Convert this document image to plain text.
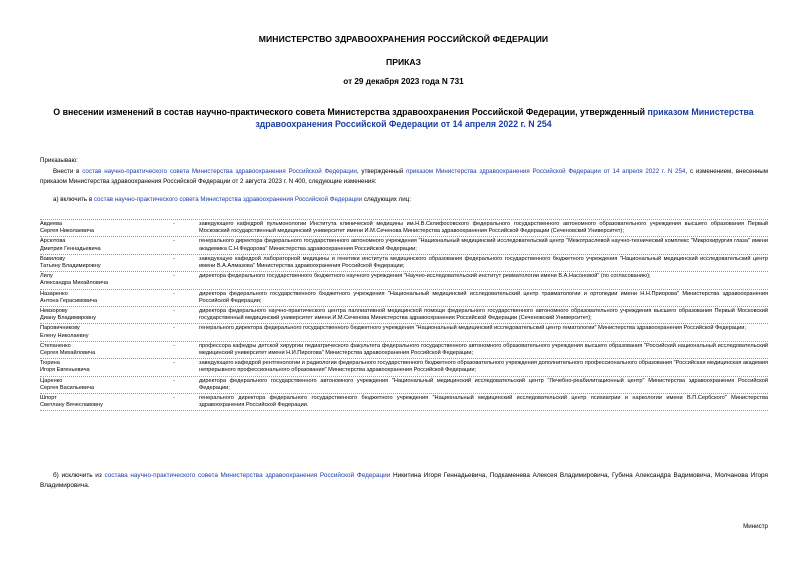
МИНИСТЕРСТВО ЗДРАВООХРАНЕНИЯ РОССИЙСКОЙ ФЕДЕРАЦИИ
ПРИКАЗ
от 29 декабря 2023 года N 731
О внесении изменений в состав научно-практического совета Министерства здравоохранения Российской Федерации, утвержденный приказом Министерства здравоохранения Российской Федерации от 14 апреля 2022 г. N 254
Приказываю:
Внести в состав научно-практического совета Министерства здравоохранения Российской Федерации, утвержденный приказом Министерства здравоохранения Российской Федерации от 14 апреля 2022 г. N 254, с изменением, внесенным приказом Министерства здравоохранения Российской Федерации от 2 августа 2023 г. N 400, следующие изменения:
а) включить в состав научно-практического совета Министерства здравоохранения Российской Федерации следующих лиц:
Авдеева
Сергея Николаевича
-	заведующего кафедрой пульмонологии Института клинической медицины им.Н.В.Склифосовского федерального государственного автономного образовательного учреждения высшего образования Первый Московский государственный медицинский университет имени И.М.Сеченова Министерства здравоохранения Российской Федерации (Сеченовский Университет);
Арсютова
Дмитрия Геннадьевича
-	генерального директора федерального государственного автономного учреждения "Национальный медицинский исследовательский центр "Межотраслевой научно-технический комплекс "Микрохирургия глаза" имени академика С.Н.Федорова" Министерства здравоохранения Российской Федерации;
Вавилову
Татьяну Владимировну
-	заведующую кафедрой лабораторной медицины и генетики института медицинского образования федерального государственного бюджетного учреждения "Национальный медицинский исследовательский центр имени В.А.Алмазова" Министерства здравоохранения Российской Федерации;
Лилу
Александра Михайловича
-	директора федерального государственного бюджетного научного учреждения "Научно-исследовательский институт ревматологии имени В.А.Насоновой" (по согласованию);
Назаренко
Антона Герасимовича
-	директора федерального государственного бюджетного учреждения "Национальный медицинский исследовательский центр травматологии и ортопедии имени Н.Н.Приорова" Министерства здравоохранения Российской Федерации;
Невзорову
Диану Владимировну
-	директора федерального научно-практического центра паллиативной медицинской помощи федерального государственного автономного образовательного учреждения высшего образования Первый Московский государственный медицинский университет имени И.М.Сеченова Министерства здравоохранения Российской Федерации (Сеченовский Университет);
Паровичникову
Елену Николаевну
-	генерального директора федерального государственного бюджетного учреждения "Национальный медицинский исследовательский центр гематологии" Министерства здравоохранения Российской Федерации;
Степаненко
Сергея Михайловича
-	профессора кафедры детской хирургии педиатрического факультета федерального государственного автономного образовательного учреждения высшего образования "Российский национальный исследовательский медицинский университет имени Н.И.Пирогова" Министерства здравоохранения Российской Федерации;
Тюрина
Игоря Евгеньевича
-	заведующего кафедрой рентгенологии и радиологии федерального государственного бюджетного образовательного учреждения дополнительного профессионального образования "Российская медицинская академия непрерывного профессионального образования" Министерства здравоохранения Российской Федерации;
Царенко
Сергея Васильевича
-	директора федерального государственного автономного учреждения "Национальный медицинский исследовательский центр "Лечебно-реабилитационный центр" Министерства здравоохранения Российской Федерации;
Шпорт
Светлану Вячеславовну
-	генерального директора федерального государственного бюджетного учреждения "Национальный медицинский исследовательский центр психиатрии и наркологии имени В.П.Сербского" Министерства здравоохранения Российской Федерации.
б) исключить из состава научно-практического совета Министерства здравоохранения Российской Федерации Никитина Игоря Геннадьевича, Подкаменева Алексея Владимировича, Губина Александра Вадимовича, Молчанова Игоря Владимировича.
Министр
